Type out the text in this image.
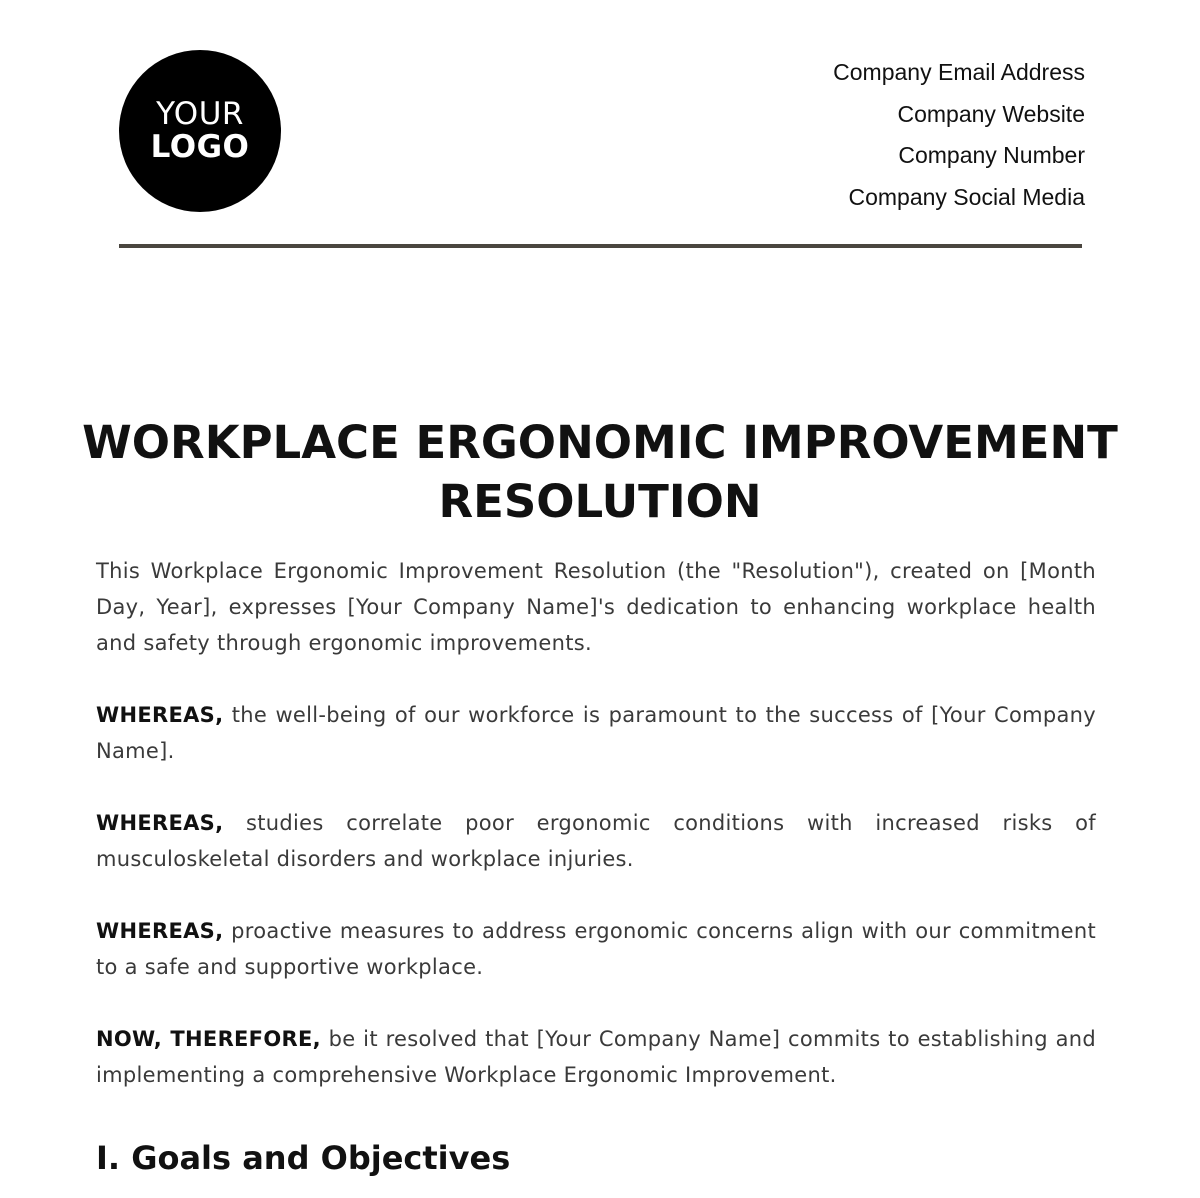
YOUR
LOGO
Company Email Address
Company Website
Company Number
Company Social Media
WORKPLACE ERGONOMIC IMPROVEMENT RESOLUTION

This Workplace Ergonomic Improvement Resolution (the "Resolution"), created on [Month Day, Year], expresses [Your Company Name]'s dedication to enhancing workplace health and safety through ergonomic improvements.

WHEREAS, the well-being of our workforce is paramount to the success of [Your Company Name].

WHEREAS, studies correlate poor ergonomic conditions with increased risks of musculoskeletal disorders and workplace injuries.

WHEREAS, proactive measures to address ergonomic concerns align with our commitment to a safe and supportive workplace.

NOW, THEREFORE, be it resolved that [Your Company Name] commits to establishing and implementing a comprehensive Workplace Ergonomic Improvement.

I. Goals and Objectives
